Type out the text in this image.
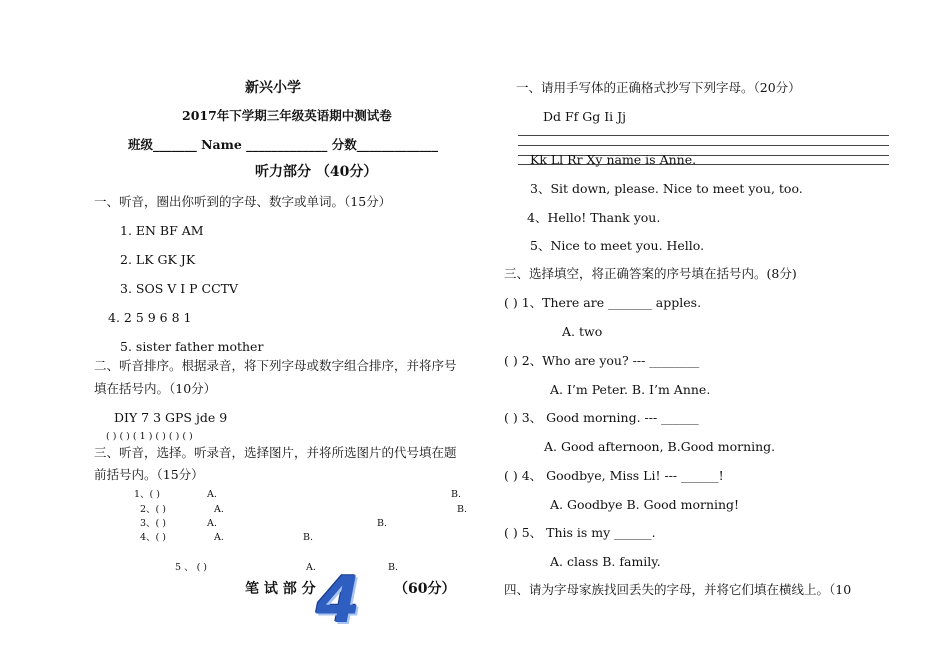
新兴小学
2017年下学期三年级英语期中测试卷
班级_______ Name _____________ 分数_____________
听力部分 （40分）
一、听音，圈出你听到的字母、数字或单词。（15分）
1. EN BF AM
2. LK GK JK
3. SOS V I P CCTV
4. 2 5 9 6 8 1
5. sister father mother
二、听音排序。根据录音，将下列字母或数字组合排序，并将序号
填在括号内。（10分）
DIY 7 3 GPS jde 9
( ) ( ) ( 1 ) ( ) ( ) ( )
三、听音，选择。听录音，选择图片，并将所选图片的代号填在题
前括号内。（15分）
1、( )	A.	B.
2、( )	A.	B.
3、( )	A.	B.
4、( )	A.	B.
5 、 ( )	A.	B.
笔 试 部 分 4 （60分）
一、请用手写体的正确格式抄写下列字母。（20分）
Dd Ff Gg Ii Jj
Kk Ll Rr Xy name is Anne.
3、Sit down, please. Nice to meet you, too.
4、Hello! Thank you.
5、Nice to meet you. Hello.
三、选择填空，将正确答案的序号填在括号内。(8分)
( ) 1、There are _______ apples.
A. two
( ) 2、Who are you? --- ________
A. I’m Peter. B. I’m Anne.
( ) 3、 Good morning. --- ______
A. Good afternoon, B.Good morning.
( ) 4、 Goodbye, Miss Li! --- ______!
A. Goodbye B. Good morning!
( ) 5、 This is my ______.
A. class B. family.
四、请为字母家族找回丢失的字母，并将它们填在横线上。（10
